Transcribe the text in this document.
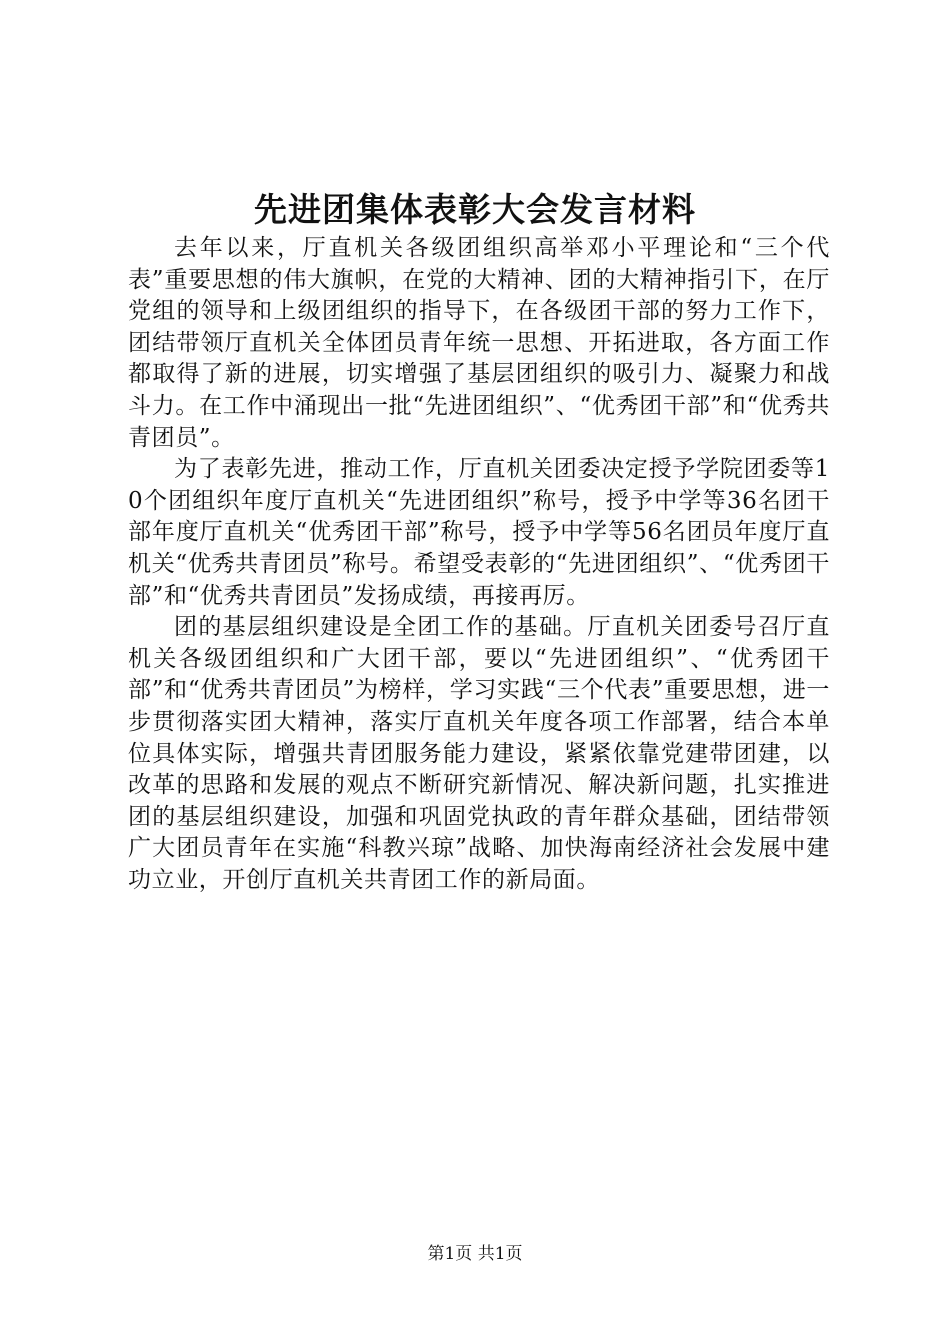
先进团集体表彰大会发言材料

去年以来，厅直机关各级团组织高举邓小平理论和“三个代表”重要思想的伟大旗帜，在党的大精神、团的大精神指引下，在厅党组的领导和上级团组织的指导下，在各级团干部的努力工作下，团结带领厅直机关全体团员青年统一思想、开拓进取，各方面工作都取得了新的进展，切实增强了基层团组织的吸引力、凝聚力和战斗力。在工作中涌现出一批“先进团组织”、“优秀团干部”和“优秀共青团员”。

为了表彰先进，推动工作，厅直机关团委决定授予学院团委等10个团组织年度厅直机关“先进团组织”称号，授予中学等36名团干部年度厅直机关“优秀团干部”称号，授予中学等56名团员年度厅直机关“优秀共青团员”称号。希望受表彰的“先进团组织”、“优秀团干部”和“优秀共青团员”发扬成绩，再接再厉。

团的基层组织建设是全团工作的基础。厅直机关团委号召厅直机关各级团组织和广大团干部，要以“先进团组织”、“优秀团干部”和“优秀共青团员”为榜样，学习实践“三个代表”重要思想，进一步贯彻落实团大精神，落实厅直机关年度各项工作部署，结合本单位具体实际，增强共青团服务能力建设，紧紧依靠党建带团建，以改革的思路和发展的观点不断研究新情况、解决新问题，扎实推进团的基层组织建设，加强和巩固党执政的青年群众基础，团结带领广大团员青年在实施“科教兴琼”战略、加快海南经济社会发展中建功立业，开创厅直机关共青团工作的新局面。

第1页 共1页
